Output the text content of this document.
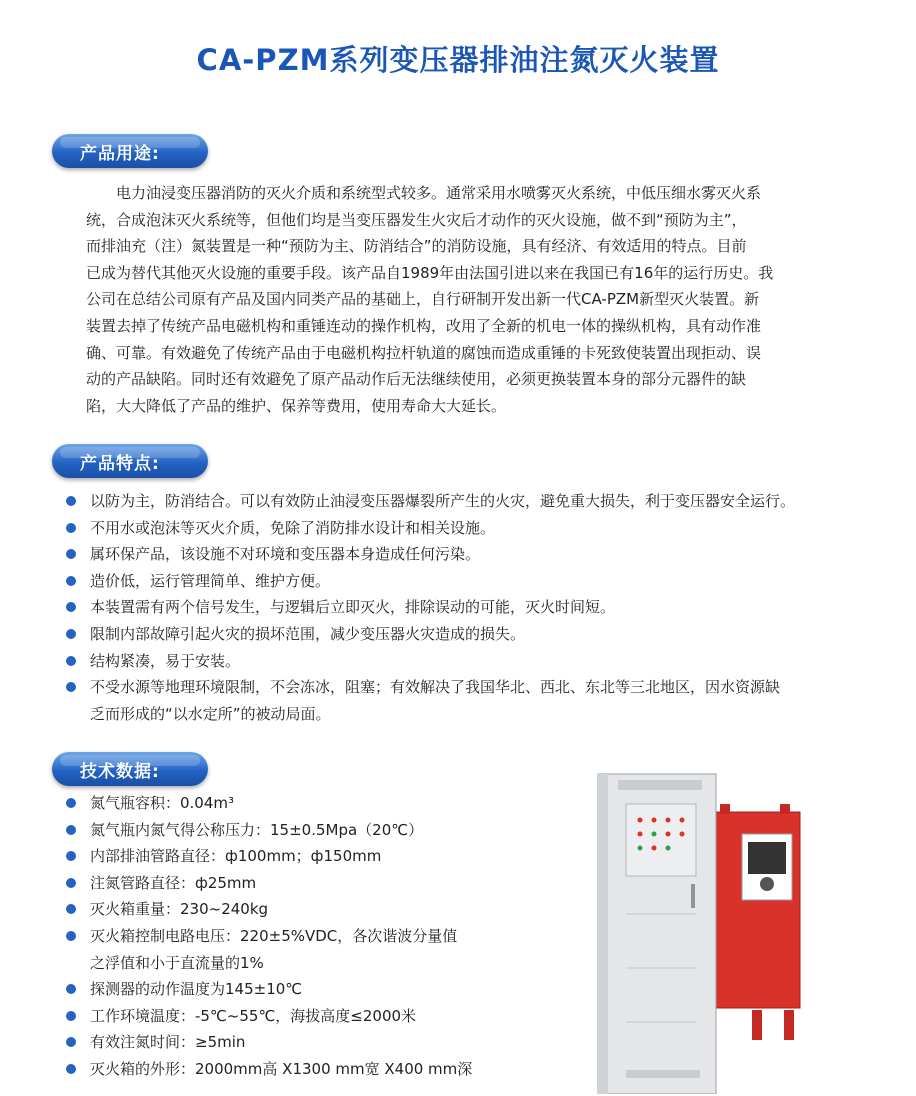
CA-PZM系列变压器排油注氮灭火装置
产品用途:
　　电力油浸变压器消防的灭火介质和系统型式较多。通常采用水喷雾灭火系统，中低压细水雾灭火系
统，合成泡沫灭火系统等，但他们均是当变压器发生火灾后才动作的灭火设施，做不到“预防为主”，
而排油充（注）氮装置是一种“预防为主、防消结合”的消防设施，具有经济、有效适用的特点。目前
已成为替代其他灭火设施的重要手段。该产品自1989年由法国引进以来在我国已有16年的运行历史。我
公司在总结公司原有产品及国内同类产品的基础上，自行研制开发出新一代CA-PZM新型灭火装置。新
装置去掉了传统产品电磁机构和重锤连动的操作机构，改用了全新的机电一体的操纵机构，具有动作准
确、可靠。有效避免了传统产品由于电磁机构拉杆轨道的腐蚀而造成重锤的卡死致使装置出现拒动、误
动的产品缺陷。同时还有效避免了原产品动作后无法继续使用，必须更换装置本身的部分元器件的缺
陷，大大降低了产品的维护、保养等费用，使用寿命大大延长。
产品特点:
以防为主，防消结合。可以有效防止油浸变压器爆裂所产生的火灾，避免重大损失，利于变压器安全运行。
不用水或泡沫等灭火介质，免除了消防排水设计和相关设施。
属环保产品，该设施不对环境和变压器本身造成任何污染。
造价低，运行管理简单、维护方便。
本装置需有两个信号发生，与逻辑后立即灭火，排除误动的可能，灭火时间短。
限制内部故障引起火灾的损坏范围，减少变压器火灾造成的损失。
结构紧凑，易于安装。
不受水源等地理环境限制，不会冻冰，阻塞；有效解决了我国华北、西北、东北等三北地区，因水资源缺
乏而形成的“以水定所”的被动局面。
技术数据:
氮气瓶容积：0.04m³
氮气瓶内氮气得公称压力：15±0.5Mpa（20℃）
内部排油管路直径：ф100mm；ф150mm
注氮管路直径：ф25mm
灭火箱重量：230~240kg
灭火箱控制电路电压：220±5%VDC，各次谐波分量值
之浮值和小于直流量的1%
探测器的动作温度为145±10℃
工作环境温度：-5℃~55℃，海拔高度≤2000米
有效注氮时间：≥5min
灭火箱的外形：2000mm高 X1300 mm宽 X400 mm深
